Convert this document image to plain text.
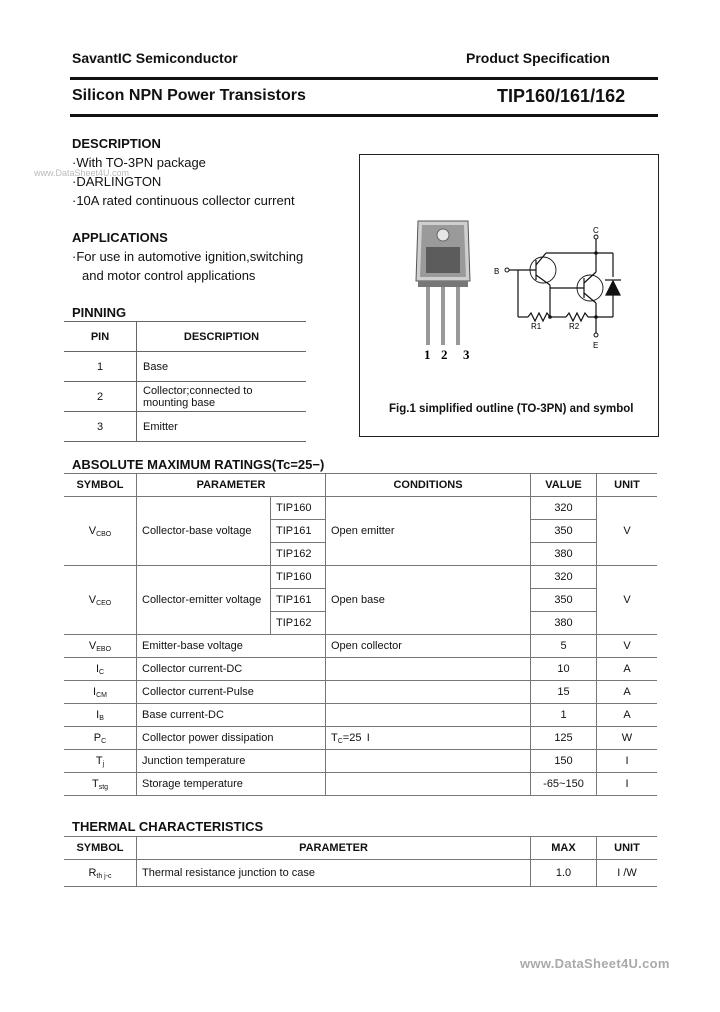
SavantIC Semiconductor	Product Specification
Silicon NPN Power Transistors	TIP160/161/162
DESCRIPTION
·With TO-3PN package
www.DataSheet4U.com
·DARLINGTON
·10A rated continuous collector current
APPLICATIONS
·For use in automotive ignition,switching
and motor control applications
PINNING
PIN	DESCRIPTION
1	Base
2	Collector;connected to
mounting base
3	Emitter
1 2 3
C
B
E
R1	R2
Fig.1 simplified outline (TO-3PN) and symbol
ABSOLUTE MAXIMUM RATINGS(Tc=25−)
SYMBOL	PARAMETER		CONDITIONS	VALUE	UNIT
$V_{CBO}$	Collector-base voltage	TIP160	Open emitter	320	V
		TIP161		350	
		TIP162		380	
$V_{CEO}$	Collector-emitter voltage	TIP160	Open base	320	V
		TIP161		350	
		TIP162		380	
$V_{EBO}$	Emitter-base voltage		Open collector	5	V
$I_C$	Collector current-DC			10	A
$I_{CM}$	Collector current-Pulse			15	A
$I_B$	Base current-DC			1	A
$P_C$	Collector power dissipation		$T_C=25$  I	125	W
$T_j$	Junction temperature			150	I
$T_{stg}$	Storage temperature			-65~150	I
THERMAL CHARACTERISTICS
SYMBOL	PARAMETER	MAX	UNIT
$R_{th j-c}$	Thermal resistance junction to case	1.0	I /W
www.DataSheet4U.com
